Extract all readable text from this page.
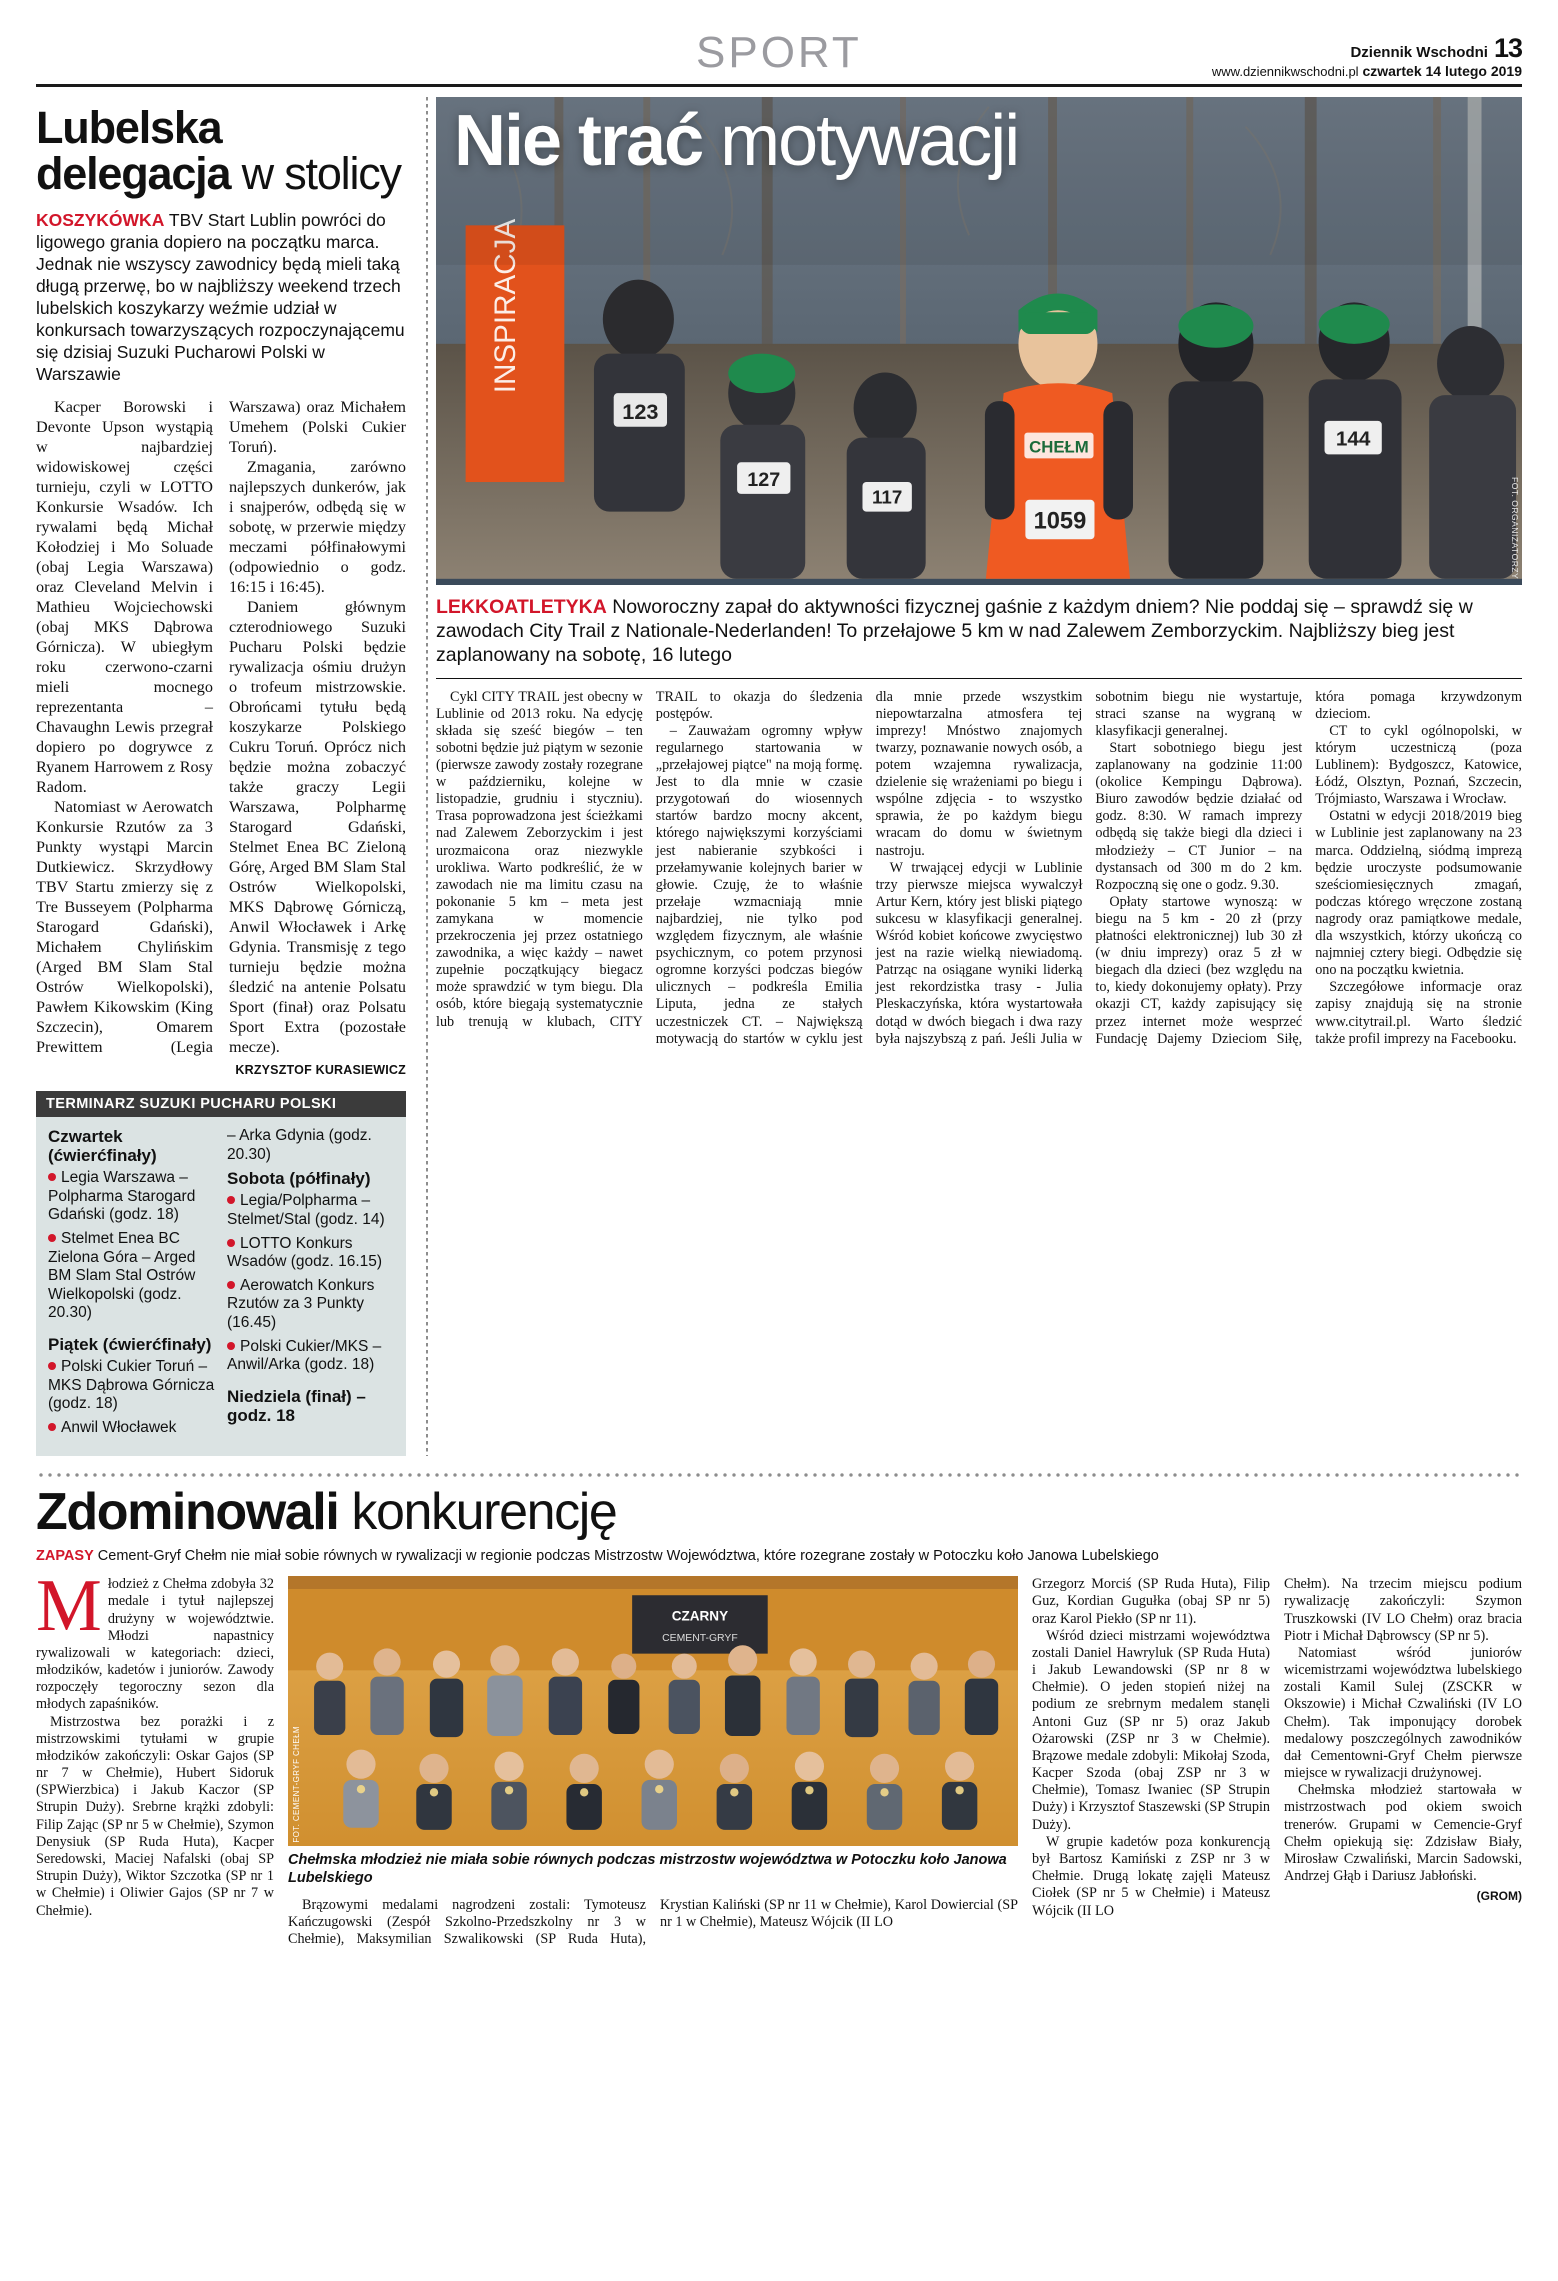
SPORT	Dziennik Wschodni 13
www.dziennikwschodni.pl czwartek 14 lutego 2019
Lubelska delegacja w stolicy
KOSZYKÓWKA TBV Start Lublin powróci do ligowego grania dopiero na początku marca. Jednak nie wszyscy zawodnicy będą mieli taką długą przerwę, bo w najbliższy weekend trzech lubelskich koszykarzy weźmie udział w konkursach towarzyszących rozpoczynającemu się dzisiaj Suzuki Pucharowi Polski w Warszawie

Kacper Borowski i Devonte Upson wystąpią w najbardziej widowiskowej części turnieju, czyli w LOTTO Konkursie Wsadów. Ich rywalami będą Michał Kołodziej i Mo Soluade (obaj Legia Warszawa) oraz Cleveland Melvin i Mathieu Wojciechowski (obaj MKS Dąbrowa Górnicza). W ubiegłym roku czerwono-czarni mieli mocnego reprezentanta – Chavaughn Lewis przegrał dopiero po dogrywce z Ryanem Harrowem z Rosy Radom.

Natomiast w Aerowatch Konkursie Rzutów za 3 Punkty wystąpi Marcin Dutkiewicz. Skrzydłowy TBV Startu zmierzy się z Tre Busseyem (Polpharma Starogard Gdański), Michałem Chylińskim (Arged BM Slam Stal Ostrów Wielkopolski), Pawłem Kikowskim (King Szczecin), Omarem Prewittem (Legia Warszawa) oraz Michałem Umehem (Polski Cukier Toruń).

Zmagania, zarówno najlepszych dunkerów, jak i snajperów, odbędą się w sobotę, w przerwie między meczami półfinałowymi (odpowiednio o godz. 16:15 i 16:45).

Daniem głównym czterodniowego Suzuki Pucharu Polski będzie rywalizacja ośmiu drużyn o trofeum mistrzowskie. Obrońcami tytułu będą koszykarze Polskiego Cukru Toruń. Oprócz nich będzie można zobaczyć także graczy Legii Warszawa, Polpharmę Starogard Gdański, Stelmet Enea BC Zieloną Górę, Arged BM Slam Stal Ostrów Wielkopolski, MKS Dąbrowę Górniczą, Anwil Włocławek i Arkę Gdynia. Transmisję z tego turnieju będzie można śledzić na antenie Polsatu Sport (finał) oraz Polsatu Sport Extra (pozostałe mecze).

KRZYSZTOF KURASIEWICZ
TERMINARZ SUZUKI PUCHARU POLSKI
Czwartek (ćwierćfinały)
Legia Warszawa – Polpharma Starogard Gdański (godz. 18)
Stelmet Enea BC Zielona Góra – Arged BM Slam Stal Ostrów Wielkopolski (godz. 20.30)
Piątek (ćwierćfinały)
Polski Cukier Toruń – MKS Dąbrowa Górnicza (godz. 18)
Anwil Włocławek
– Arka Gdynia (godz. 20.30)
Sobota (półfinały)
Legia/Polpharma – Stelmet/Stal (godz. 14)
LOTTO Konkurs Wsadów (godz. 16.15)
Aerowatch Konkurs Rzutów za 3 Punkty (16.45)
Polski Cukier/MKS – Anwil/Arka (godz. 18)
Niedziela (finał) – godz. 18
INSPIRACJA
123
127
117
CHEŁM
1059
144
Nie trać motywacji
FOT. ORGANIZATORZY
LEKKOATLETYKA Noworoczny zapał do aktywności fizycznej gaśnie z każdym dniem? Nie poddaj się – sprawdź się w zawodach City Trail z Nationale-Nederlanden! To przełajowe 5 km w nad Zalewem Zemborzyckim. Najbliższy bieg jest zaplanowany na sobotę, 16 lutego

Cykl CITY TRAIL jest obecny w Lublinie od 2013 roku. Na edycję składa się sześć biegów – ten sobotni będzie już piątym w sezonie (pierwsze zawody zostały rozegrane w październiku, kolejne w listopadzie, grudniu i styczniu). Trasa poprowadzona jest ścieżkami nad Zalewem Zeborzyckim i jest urozmaicona oraz niezwykle urokliwa. Warto podkreślić, że w zawodach nie ma limitu czasu na pokonanie 5 km – meta jest zamykana w momencie przekroczenia jej przez ostatniego zawodnika, a więc każdy – nawet zupełnie początkujący biegacz może sprawdzić w tym biegu. Dla osób, które biegają systematycznie lub trenują w klubach, CITY TRAIL to okazja do śledzenia postępów.

– Zauważam ogromny wpływ regularnego startowania w „przełajowej piątce" na moją formę. Jest to dla mnie w czasie przygotowań do wiosennych startów bardzo mocny akcent, którego największymi korzyściami jest nabieranie szybkości i przełamywanie kolejnych barier w głowie. Czuję, że to właśnie przełaje wzmacniają mnie najbardziej, nie tylko pod względem fizycznym, ale właśnie psychicznym, co potem przynosi ogromne korzyści podczas biegów ulicznych – podkreśla Emilia Liputa, jedna ze stałych uczestniczek CT. – Największą motywacją do startów w cyklu jest dla mnie przede wszystkim niepowtarzalna atmosfera tej imprezy! Mnóstwo znajomych twarzy, poznawanie nowych osób, a potem wzajemna rywalizacja, dzielenie się wrażeniami po biegu i wspólne zdjęcia - to wszystko sprawia, że po każdym biegu wracam do domu w świetnym nastroju.

W trwającej edycji w Lublinie trzy pierwsze miejsca wywalczył Artur Kern, który jest bliski piątego sukcesu w klasyfikacji generalnej. Wśród kobiet końcowe zwycięstwo jest na razie wielką niewiadomą. Patrząc na osiągane wyniki liderką jest rekordzistka trasy - Julia Pleskaczyńska, która wystartowała dotąd w dwóch biegach i dwa razy była najszybszą z pań. Jeśli Julia w sobotnim biegu nie wystartuje, straci szanse na wygraną w klasyfikacji generalnej.

Start sobotniego biegu jest zaplanowany na godzinie 11:00 (okolice Kempingu Dąbrowa). Biuro zawodów będzie działać od godz. 8:30. W ramach imprezy odbędą się także biegi dla dzieci i młodzieży – CT Junior – na dystansach od 300 m do 2 km. Rozpoczną się one o godz. 9.30.

Opłaty startowe wynoszą: w biegu na 5 km - 20 zł (przy płatności elektronicznej) lub 30 zł (w dniu imprezy) oraz 5 zł w biegach dla dzieci (bez względu na to, kiedy dokonujemy opłaty). Przy okazji CT, każdy zapisujący się przez internet może wesprzeć Fundację Dajemy Dzieciom Siłę, która pomaga krzywdzonym dzieciom.

CT to cykl ogólnopolski, w którym uczestniczą (poza Lublinem): Bydgoszcz, Katowice, Łódź, Olsztyn, Poznań, Szczecin, Trójmiasto, Warszawa i Wrocław.

Ostatni w edycji 2018/2019 bieg w Lublinie jest zaplanowany na 23 marca. Oddzielną, siódmą imprezą będzie uroczyste podsumowanie sześciomiesięcznych zmagań, podczas którego wręczone zostaną nagrody oraz pamiątkowe medale, dla wszystkich, którzy ukończą co najmniej cztery biegi. Odbędzie się ono na początku kwietnia.

Szczegółowe informacje oraz zapisy znajdują się na stronie www.citytrail.pl. Warto śledzić także profil imprezy na Facebooku.

Zdominowali konkurencję
ZAPASY Cement-Gryf Chełm nie miał sobie równych w rywalizacji w regionie podczas Mistrzostw Województwa, które rozegrane zostały w Potoczku koło Janowa Lubelskiego

Młodzież z Chełma zdobyła 32 medale i tytuł najlepszej drużyny w województwie. Młodzi napastnicy rywalizowali w kategoriach: dzieci, młodzików, kadetów i juniorów. Zawody rozpoczęły tegoroczny sezon dla młodych zapaśników.

Mistrzostwa bez porażki i z mistrzowskimi tytułami w grupie młodzików zakończyli: Oskar Gajos (SP nr 7 w Chełmie), Hubert Sidoruk (SPWierzbica) i Jakub Kaczor (SP Strupin Duży). Srebrne krążki zdobyli: Filip Zając (SP nr 5 w Chełmie), Szymon Denysiuk (SP Ruda Huta), Kacper Seredowski, Maciej Nafalski (obaj SP Strupin Duży), Wiktor Szczotka (SP nr 1 w Chełmie) i Oliwier Gajos (SP nr 7 w Chełmie).

CZARNY
CEMENT-GRYF
FOT. CEMENT-GRYF CHEŁM
Chełmska młodzież nie miała sobie równych podczas mistrzostw województwa w Potoczku koło Janowa Lubelskiego

Brązowymi medalami nagrodzeni zostali: Tymoteusz Kańczugowski (Zespół Szkolno-Przedszkolny nr 3 w Chełmie), Maksymilian Szwalikowski (SP Ruda Huta), Krystian Kaliński (SP nr 11 w Chełmie), Karol Dowiercial (SP nr 1 w Chełmie), Mateusz Wójcik (II LO

Grzegorz Morciś (SP Ruda Huta), Filip Guz, Kordian Gugułka (obaj SP nr 5) oraz Karol Piekło (SP nr 11).

Wśród dzieci mistrzami województwa zostali Daniel Hawryluk (SP Ruda Huta) i Jakub Lewandowski (SP nr 8 w Chełmie). O jeden stopień niżej na podium ze srebrnym medalem stanęli Antoni Guz (SP nr 5) oraz Jakub Ożarowski (ZSP nr 3 w Chełmie). Brązowe medale zdobyli: Mikołaj Szoda, Kacper Szoda (obaj ZSP nr 3 w Chełmie), Tomasz Iwaniec (SP Strupin Duży) i Krzysztof Staszewski (SP Strupin Duży).

W grupie kadetów poza konkurencją był Bartosz Kamiński z ZSP nr 3 w Chełmie. Drugą lokatę zajęli Mateusz Ciołek (SP nr 5 w Chełmie) i Mateusz Wójcik (II LO

Chełm). Na trzecim miejscu podium rywalizację zakończyli: Szymon Truszkowski (IV LO Chełm) oraz bracia Piotr i Michał Dąbrowscy (SP nr 5).

Natomiast wśród juniorów wicemistrzami województwa lubelskiego zostali Kamil Sulej (ZSCKR w Okszowie) i Michał Czwaliński (IV LO Chełm). Tak imponujący dorobek medalowy poszczególnych zawodników dał Cementowni-Gryf Chełm pierwsze miejsce w rywalizacji drużynowej.

Chełmska młodzież startowała w mistrzostwach pod okiem swoich trenerów. Grupami w Cemencie-Gryf Chełm opiekują się: Zdzisław Biały, Mirosław Czwaliński, Marcin Sadowski, Andrzej Głąb i Dariusz Jabłoński.

(GROM)
